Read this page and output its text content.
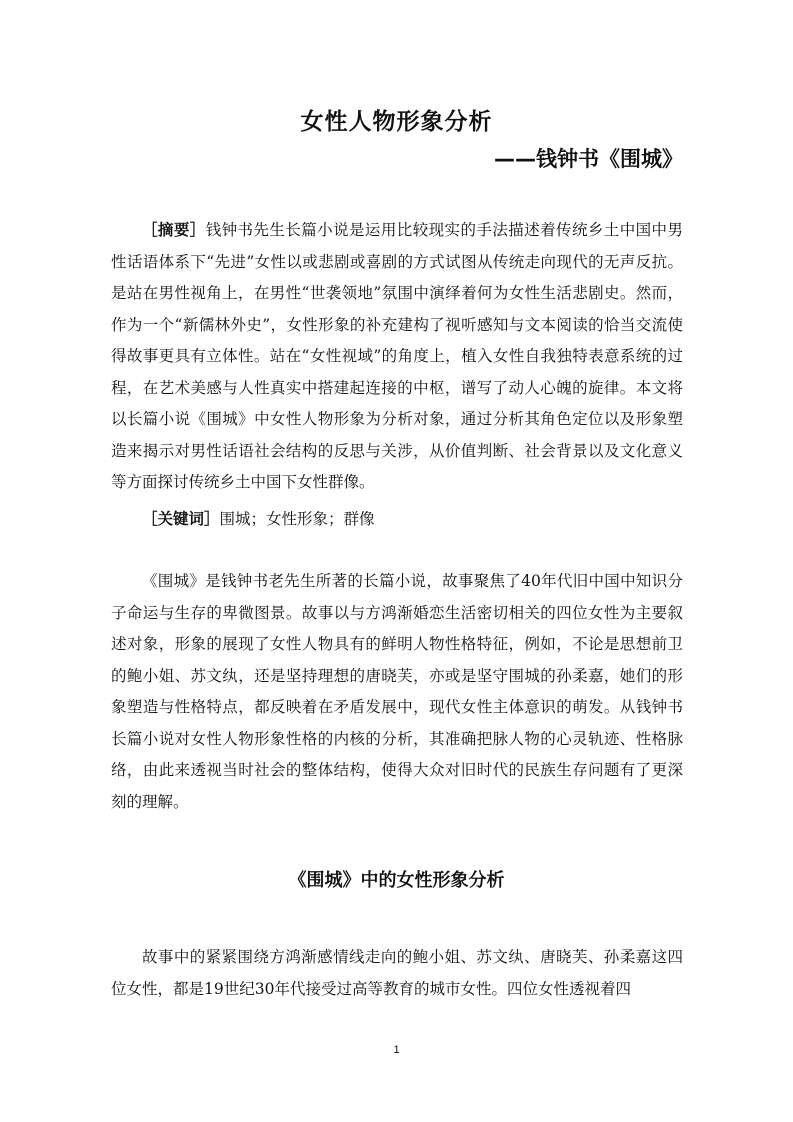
女性人物形象分析
——钱钟书《围城》

［摘要］钱钟书先生长篇小说是运用比较现实的手法描述着传统乡土中国中男性话语体系下“先进”女性以或悲剧或喜剧的方式试图从传统走向现代的无声反抗。是站在男性视角上，在男性“世袭领地”氛围中演绎着何为女性生活悲剧史。然而，作为一个“新儒林外史”，女性形象的补充建构了视听感知与文本阅读的恰当交流使得故事更具有立体性。站在“女性视域”的角度上，植入女性自我独特表意系统的过程，在艺术美感与人性真实中搭建起连接的中枢，谱写了动人心魄的旋律。本文将以长篇小说《围城》中女性人物形象为分析对象，通过分析其角色定位以及形象塑造来揭示对男性话语社会结构的反思与关涉，从价值判断、社会背景以及文化意义等方面探讨传统乡土中国下女性群像。

［关键词］围城；女性形象；群像

《围城》是钱钟书老先生所著的长篇小说，故事聚焦了40年代旧中国中知识分子命运与生存的卑微图景。故事以与方鸿渐婚恋生活密切相关的四位女性为主要叙述对象，形象的展现了女性人物具有的鲜明人物性格特征，例如，不论是思想前卫的鲍小姐、苏文纨，还是坚持理想的唐晓芙，亦或是坚守围城的孙柔嘉，她们的形象塑造与性格特点，都反映着在矛盾发展中，现代女性主体意识的萌发。从钱钟书长篇小说对女性人物形象性格的内核的分析，其准确把脉人物的心灵轨迹、性格脉络，由此来透视当时社会的整体结构，使得大众对旧时代的民族生存问题有了更深刻的理解。

《围城》中的女性形象分析

故事中的紧紧围绕方鸿渐感情线走向的鲍小姐、苏文纨、唐晓芙、孙柔嘉这四位女性，都是19世纪30年代接受过高等教育的城市女性。四位女性透视着四

1
